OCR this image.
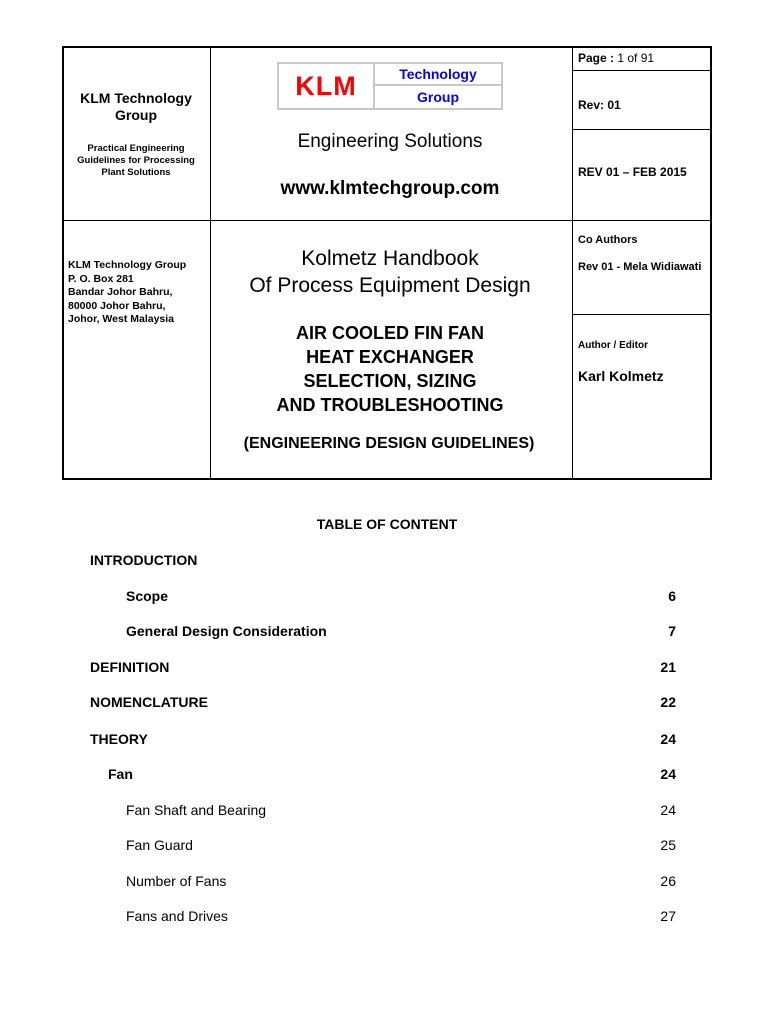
KLM Technology Group
Practical Engineering Guidelines for Processing Plant Solutions
KLM	Technology
Group
Engineering Solutions
www.klmtechgroup.com
Page : 1 of 91
Rev: 01
REV 01 – FEB 2015
KLM Technology Group
P. O. Box 281
Bandar Johor Bahru,
80000 Johor Bahru,
Johor, West Malaysia
Kolmetz Handbook
Of Process Equipment Design
AIR COOLED FIN FAN
HEAT EXCHANGER
SELECTION, SIZING
AND TROUBLESHOOTING
(ENGINEERING DESIGN GUIDELINES)
Co Authors
Rev 01 - Mela Widiawati
Author / Editor
Karl Kolmetz
TABLE OF CONTENT
INTRODUCTION
Scope	6
General Design Consideration	7
DEFINITION	21
NOMENCLATURE	22
THEORY	24
Fan	24
Fan Shaft and Bearing	24
Fan Guard	25
Number of Fans	26
Fans and Drives	27
